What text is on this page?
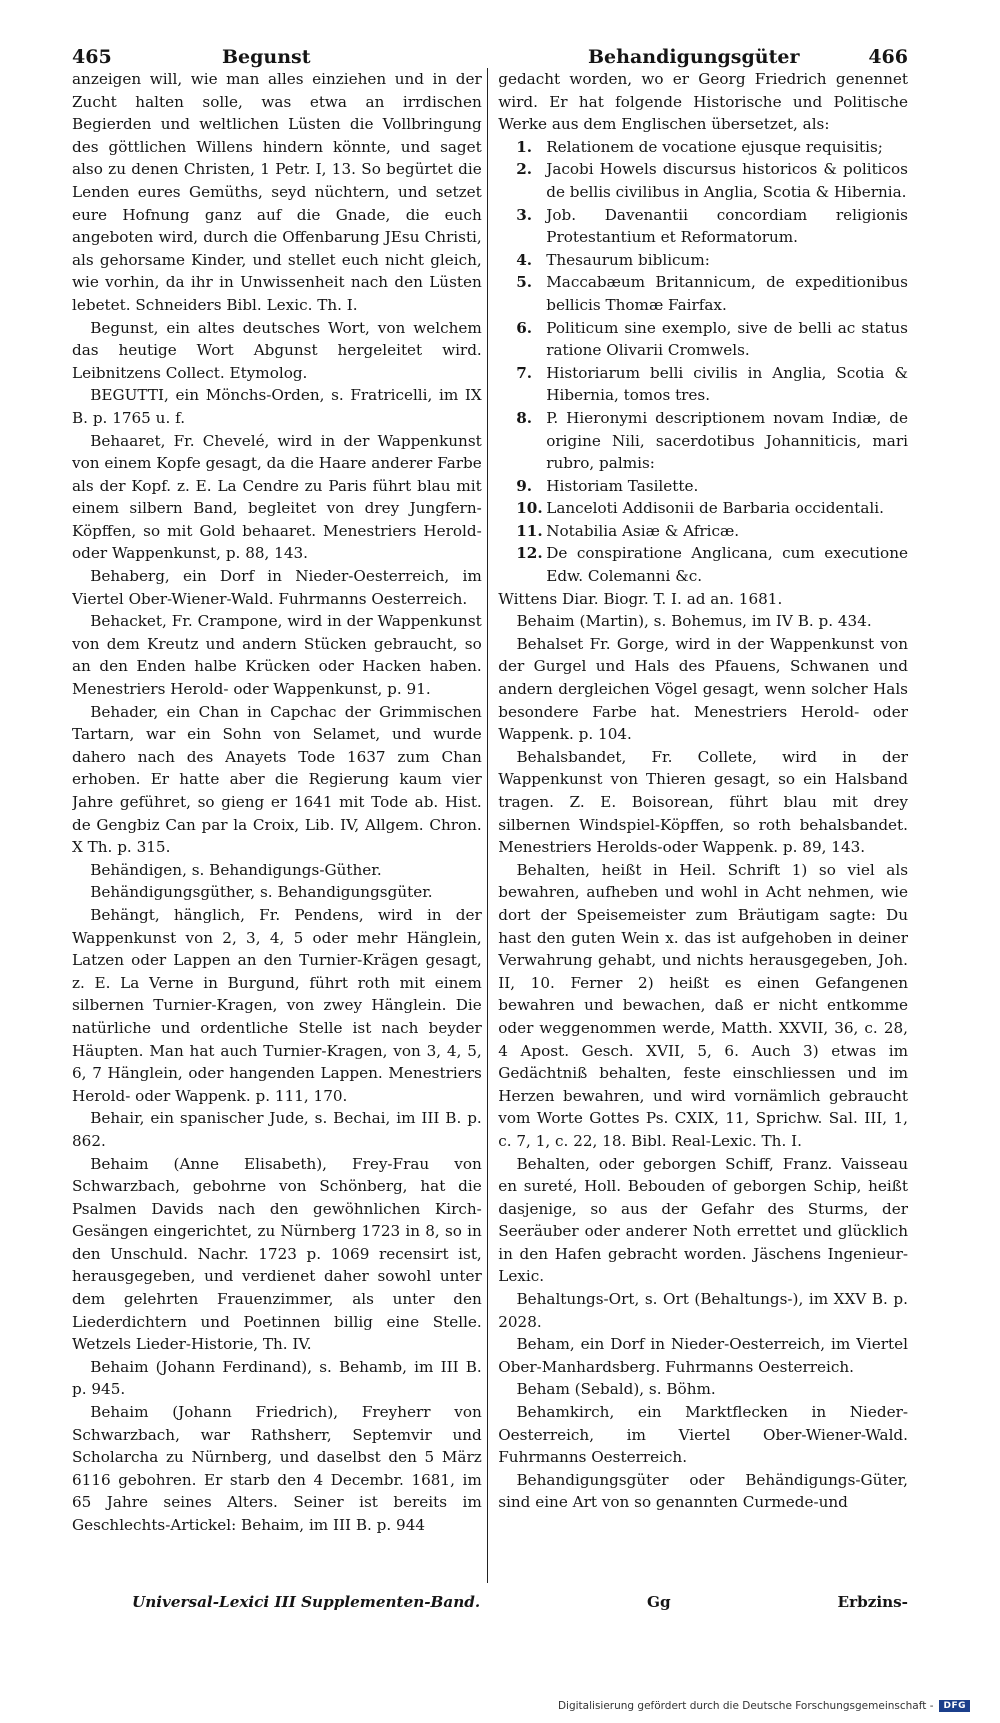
465	Begunst	Behandigungsgüter	466

anzeigen will, wie man alles einziehen und in der Zucht halten solle, was etwa an irrdischen Begierden und weltlichen Lüsten die Vollbringung des göttlichen Willens hindern könnte, und saget also zu denen Christen, 1 Petr. I, 13. So begürtet die Lenden eures Gemüths, seyd nüchtern, und setzet eure Hofnung ganz auf die Gnade, die euch angeboten wird, durch die Offenbarung JEsu Christi, als gehorsame Kinder, und stellet euch nicht gleich, wie vorhin, da ihr in Unwissenheit nach den Lüsten lebetet. Schneiders Bibl. Lexic. Th. I.

Begunst, ein altes deutsches Wort, von welchem das heutige Wort Abgunst hergeleitet wird. Leibnitzens Collect. Etymolog.

BEGUTTI, ein Mönchs-Orden, s. Fratricelli, im IX B. p. 1765 u. f.

Behaaret, Fr. Chevelé, wird in der Wappenkunst von einem Kopfe gesagt, da die Haare anderer Farbe als der Kopf. z. E. La Cendre zu Paris führt blau mit einem silbern Band, begleitet von drey Jungfern-Köpffen, so mit Gold behaaret. Menestriers Herold- oder Wappenkunst, p. 88, 143.

Behaberg, ein Dorf in Nieder-Oesterreich, im Viertel Ober-Wiener-Wald. Fuhrmanns Oesterreich.

Behacket, Fr. Crampone, wird in der Wappenkunst von dem Kreutz und andern Stücken gebraucht, so an den Enden halbe Krücken oder Hacken haben. Menestriers Herold- oder Wappenkunst, p. 91.

Behader, ein Chan in Capchac der Grimmischen Tartarn, war ein Sohn von Selamet, und wurde dahero nach des Anayets Tode 1637 zum Chan erhoben. Er hatte aber die Regierung kaum vier Jahre geführet, so gieng er 1641 mit Tode ab. Hist. de Gengbiz Can par la Croix, Lib. IV, Allgem. Chron. X Th. p. 315.

Behändigen, s. Behandigungs-Güther.

Behändigungsgüther, s. Behandigungsgüter.

Behängt, hänglich, Fr. Pendens, wird in der Wappenkunst von 2, 3, 4, 5 oder mehr Hänglein, Latzen oder Lappen an den Turnier-Krägen gesagt, z. E. La Verne in Burgund, führt roth mit einem silbernen Turnier-Kragen, von zwey Hänglein. Die natürliche und ordentliche Stelle ist nach beyder Häupten. Man hat auch Turnier-Kragen, von 3, 4, 5, 6, 7 Hänglein, oder hangenden Lappen. Menestriers Herold- oder Wappenk. p. 111, 170.

Behair, ein spanischer Jude, s. Bechai, im III B. p. 862.

Behaim (Anne Elisabeth), Frey-Frau von Schwarzbach, gebohrne von Schönberg, hat die Psalmen Davids nach den gewöhnlichen Kirch-Gesängen eingerichtet, zu Nürnberg 1723 in 8, so in den Unschuld. Nachr. 1723 p. 1069 recensirt ist, herausgegeben, und verdienet daher sowohl unter dem gelehrten Frauenzimmer, als unter den Liederdichtern und Poetinnen billig eine Stelle. Wetzels Lieder-Historie, Th. IV.

Behaim (Johann Ferdinand), s. Behamb, im III B. p. 945.

Behaim (Johann Friedrich), Freyherr von Schwarzbach, war Rathsherr, Septemvir und Scholarcha zu Nürnberg, und daselbst den 5 März 6116 gebohren. Er starb den 4 Decembr. 1681, im 65 Jahre seines Alters. Seiner ist bereits im Geschlechts-Artickel: Behaim, im III B. p. 944

gedacht worden, wo er Georg Friedrich genennet wird. Er hat folgende Historische und Politische Werke aus dem Englischen übersetzet, als:

1. Relationem de vocatione ejusque requisitis;
2. Jacobi Howels discursus historicos & politicos de bellis civilibus in Anglia, Scotia & Hibernia.
3. Job. Davenantii concordiam religionis Protestantium et Reformatorum.
4. Thesaurum biblicum:
5. Maccabæum Britannicum, de expeditionibus bellicis Thomæ Fairfax.
6. Politicum sine exemplo, sive de belli ac status ratione Olivarii Cromwels.
7. Historiarum belli civilis in Anglia, Scotia & Hibernia, tomos tres.
8. P. Hieronymi descriptionem novam Indiæ, de origine Nili, sacerdotibus Johanniticis, mari rubro, palmis:
9. Historiam Tasilette.
10. Lanceloti Addisonii de Barbaria occidentali.
11. Notabilia Asiæ & Africæ.
12. De conspiratione Anglicana, cum executione Edw. Colemanni &c.

Wittens Diar. Biogr. T. I. ad an. 1681.

Behaim (Martin), s. Bohemus, im IV B. p. 434.

Behalset Fr. Gorge, wird in der Wappenkunst von der Gurgel und Hals des Pfauens, Schwanen und andern dergleichen Vögel gesagt, wenn solcher Hals besondere Farbe hat. Menestriers Herold- oder Wappenk. p. 104.

Behalsbandet, Fr. Collete, wird in der Wappenkunst von Thieren gesagt, so ein Halsband tragen. Z. E. Boisorean, führt blau mit drey silbernen Windspiel-Köpffen, so roth behalsbandet. Menestriers Herolds-oder Wappenk. p. 89, 143.

Behalten, heißt in Heil. Schrift 1) so viel als bewahren, aufheben und wohl in Acht nehmen, wie dort der Speisemeister zum Bräutigam sagte: Du hast den guten Wein x. das ist aufgehoben in deiner Verwahrung gehabt, und nichts herausgegeben, Joh. II, 10. Ferner 2) heißt es einen Gefangenen bewahren und bewachen, daß er nicht entkomme oder weggenommen werde, Matth. XXVII, 36, c. 28, 4 Apost. Gesch. XVII, 5, 6. Auch 3) etwas im Gedächtniß behalten, feste einschliessen und im Herzen bewahren, und wird vornämlich gebraucht vom Worte Gottes Ps. CXIX, 11, Sprichw. Sal. III, 1, c. 7, 1, c. 22, 18. Bibl. Real-Lexic. Th. I.

Behalten, oder geborgen Schiff, Franz. Vaisseau en sureté, Holl. Bebouden of geborgen Schip, heißt dasjenige, so aus der Gefahr des Sturms, der Seeräuber oder anderer Noth errettet und glücklich in den Hafen gebracht worden. Jäschens Ingenieur-Lexic.

Behaltungs-Ort, s. Ort (Behaltungs-), im XXV B. p. 2028.

Beham, ein Dorf in Nieder-Oesterreich, im Viertel Ober-Manhardsberg. Fuhrmanns Oesterreich.

Beham (Sebald), s. Böhm.

Behamkirch, ein Marktflecken in Nieder-Oesterreich, im Viertel Ober-Wiener-Wald. Fuhrmanns Oesterreich.

Behandigungsgüter oder Behändigungs-Güter, sind eine Art von so genannten Curmede-und

Universal-Lexici III Supplementen-Band.	Gg	Erbzins-
Digitalisierung gefördert durch die Deutsche Forschungsgemeinschaft -	DFG
